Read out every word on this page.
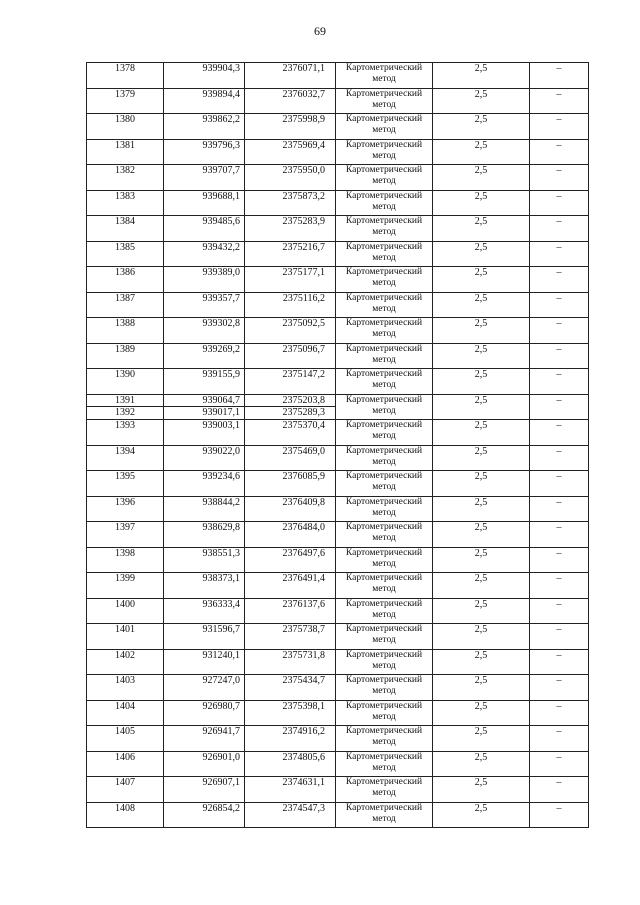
69
1378	939904,3	2376071,1	Картометрический метод	2,5	–
1379	939894,4	2376032,7	Картометрический метод	2,5	–
1380	939862,2	2375998,9	Картометрический метод	2,5	–
1381	939796,3	2375969,4	Картометрический метод	2,5	–
1382	939707,7	2375950,0	Картометрический метод	2,5	–
1383	939688,1	2375873,2	Картометрический метод	2,5	–
1384	939485,6	2375283,9	Картометрический метод	2,5	–
1385	939432,2	2375216,7	Картометрический метод	2,5	–
1386	939389,0	2375177,1	Картометрический метод	2,5	–
1387	939357,7	2375116,2	Картометрический метод	2,5	–
1388	939302,8	2375092,5	Картометрический метод	2,5	–
1389	939269,2	2375096,7	Картометрический метод	2,5	–
1390	939155,9	2375147,2	Картометрический метод	2,5	–
1391	939064,7	2375203,8	Картометрический метод	2,5	–
1392	939017,1	2375289,3			
1393	939003,1	2375370,4	Картометрический метод	2,5	–
1394	939022,0	2375469,0	Картометрический метод	2,5	–
1395	939234,6	2376085,9	Картометрический метод	2,5	–
1396	938844,2	2376409,8	Картометрический метод	2,5	–
1397	938629,8	2376484,0	Картометрический метод	2,5	–
1398	938551,3	2376497,6	Картометрический метод	2,5	–
1399	938373,1	2376491,4	Картометрический метод	2,5	–
1400	936333,4	2376137,6	Картометрический метод	2,5	–
1401	931596,7	2375738,7	Картометрический метод	2,5	–
1402	931240,1	2375731,8	Картометрический метод	2,5	–
1403	927247,0	2375434,7	Картометрический метод	2,5	–
1404	926980,7	2375398,1	Картометрический метод	2,5	–
1405	926941,7	2374916,2	Картометрический метод	2,5	–
1406	926901,0	2374805,6	Картометрический метод	2,5	–
1407	926907,1	2374631,1	Картометрический метод	2,5	–
1408	926854,2	2374547,3	Картометрический метод	2,5	–
